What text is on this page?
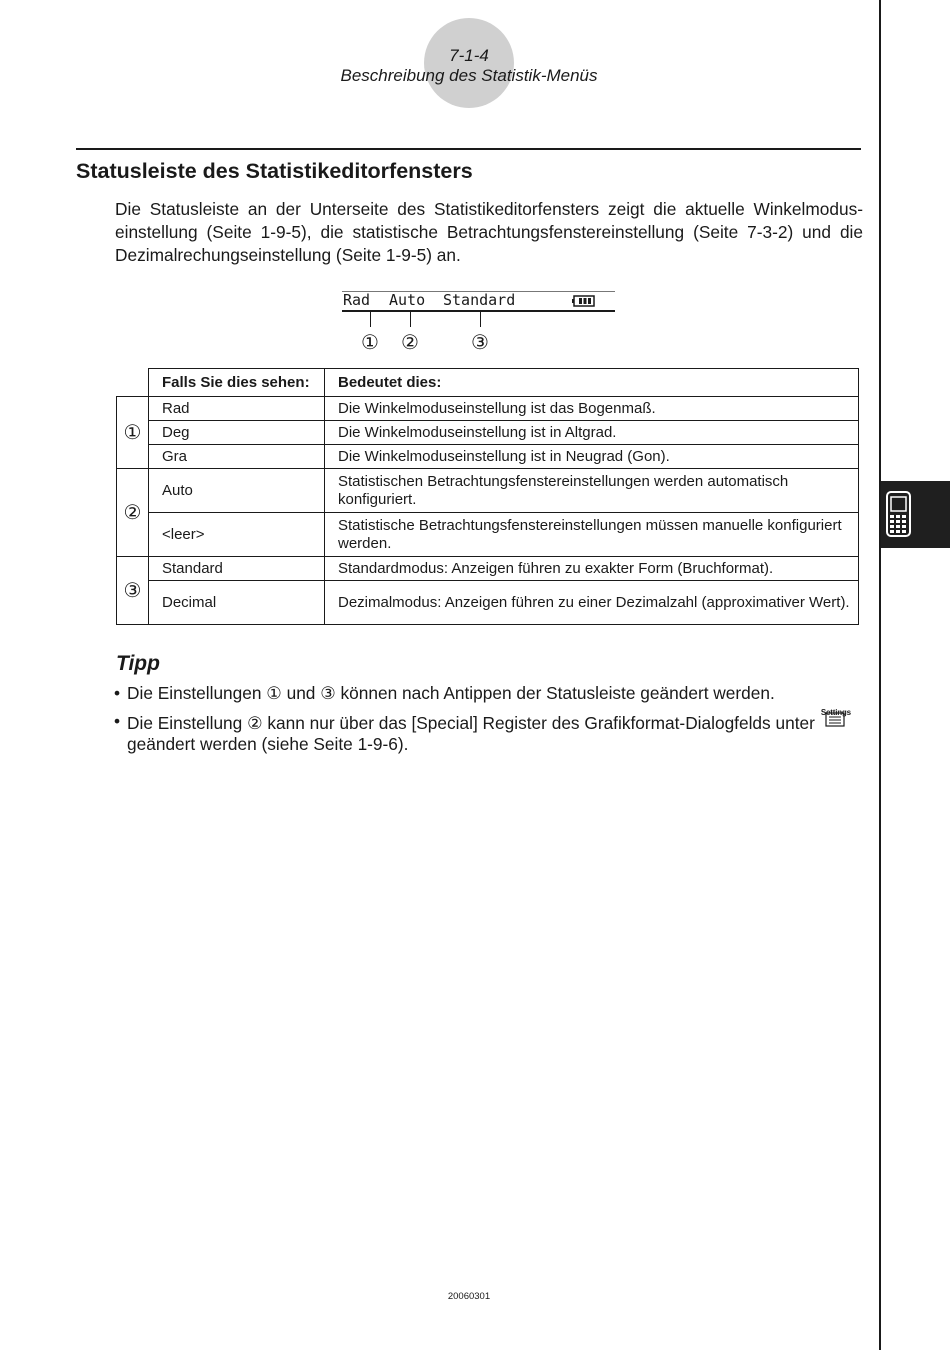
7-1-4
Beschreibung des Statistik-Menüs
Statusleiste des Statistikeditorfensters

Die Statusleiste an der Unterseite des Statistikeditorfensters zeigt die aktuelle Winkelmodus-einstellung (Seite 1-9-5), die statistische Betrachtungsfenstereinstellung (Seite 7-3-2) und die Dezimalrechungseinstellung (Seite 1-9-5) an.

Rad Auto Standard
① ②	③
	Falls Sie dies sehen:	Bedeutet dies:
①	Rad	Die Winkelmoduseinstellung ist das Bogenmaß.
	Deg	Die Winkelmoduseinstellung ist in Altgrad.
	Gra	Die Winkelmoduseinstellung ist in Neugrad (Gon).
②	Auto	Statistischen Betrachtungsfenstereinstellungen werden automatisch konfiguriert.
	<leer>	Statistische Betrachtungsfenstereinstellungen müssen manuelle konfiguriert werden.
③	Standard	Standardmodus: Anzeigen führen zu exakter Form (Bruchformat).
	Decimal	Dezimalmodus: Anzeigen führen zu einer Dezimalzahl (approximativer Wert).
Tipp
• Die Einstellungen ① und ③ können nach Antippen der Statusleiste geändert werden.
• Die Einstellung ② kann nur über das [Special] Register des Grafikformat-Dialogfelds unter
Settings
geändert werden (siehe Seite 1-9-6).
20060301
